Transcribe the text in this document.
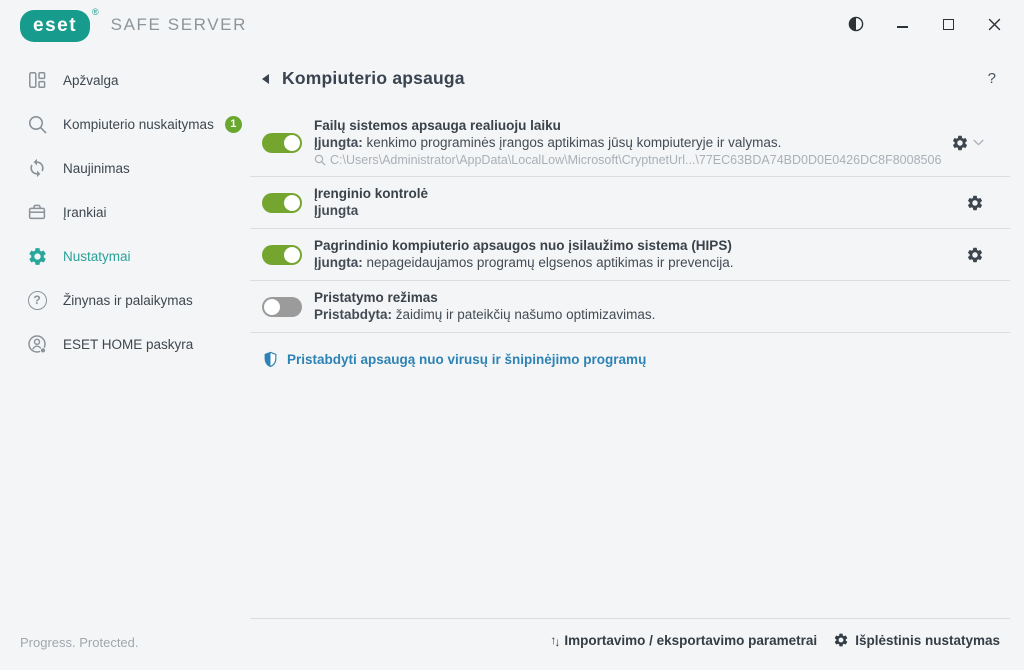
eset
®
SAFE SERVER
Apžvalga
Kompiuterio nuskaitymas	1
Naujinimas
Įrankiai
Nustatymai
?	Žinynas ir palaikymas
ESET HOME paskyra
Kompiuterio apsauga	?
Failų sistemos apsauga realiuoju laiku
Įjungta: kenkimo programinės įrangos aptikimas jūsų kompiuteryje ir valymas.
C:\Users\Administrator\AppData\LocalLow\Microsoft\CryptnetUrl...\77EC63BDA74BD0D0E0426DC8F8008506
Įrenginio kontrolė
Įjungta
Pagrindinio kompiuterio apsaugos nuo įsilaužimo sistema (HIPS)
Įjungta: nepageidaujamos programų elgsenos aptikimas ir prevencija.
Pristatymo režimas
Pristabdyta: žaidimų ir pateikčių našumo optimizavimas.
Pristabdyti apsaugą nuo virusų ir šnipinėjimo programų
Progress. Protected.	↑ ↓ Importavimo / eksportavimo parametrai	Išplėstinis nustatymas
